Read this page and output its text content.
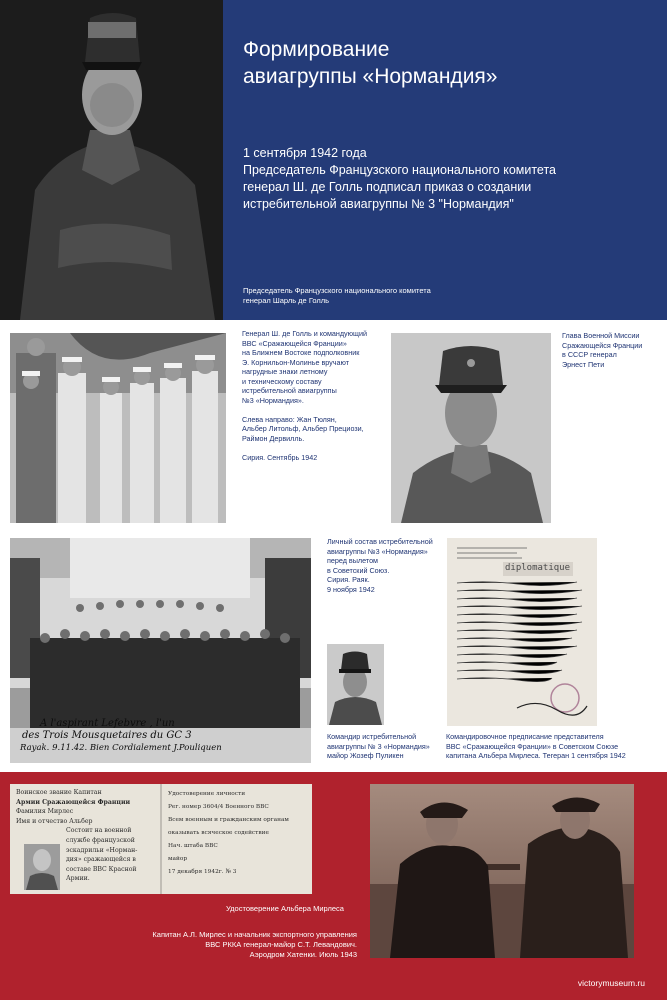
Формирование
авиагруппы «Нормандия»
1 сентября 1942 года
Председатель Французского национального комитета
генерал Ш. де Голль подписал приказ о создании
истребительной авиагруппы № 3 "Нормандия"
Председатель Французского национального комитета
генерал Шарль де Голль
Генерал Ш. де Голль и командующий
ВВС «Сражающейся Франции»
на Ближнем Востоке подполковник
Э. Корнильон-Молинье вручают
нагрудные знаки летному
и техническому составу
истребительной авиагруппы
№3 «Нормандия».
Слева направо: Жан Тюлян,
Альбер Литольф, Альбер Прециози,
Раймон Дервилль.
Сирия. Сентябрь 1942
Глава Военной Миссии
Сражающейся Франции
в СССР генерал
Эрнест Пети
A l'aspirant Lefebvre , l'un
des Trois Mousquetaires du GC 3
Rayak. 9.11.42. Bien Cordialement J.Pouliquen
Личный состав истребительной
авиагруппы №3 «Нормандия»
перед вылетом
в Советский Союз.
Сирия. Раяк.
9 ноября 1942
diplomatique
Командир истребительной
авиагруппы № 3 «Нормандия»
майор Жозеф Пуликен
Командировочное предписание представителя
ВВС «Сражающейся Франции» в Советском Союзе
капитана Альбера Мирлеса. Тегеран 1 сентября 1942
Воинское звание Капитан
Армии Сражающейся Франции
Фамилия Мирлес
Имя и отчество Альбер
Состоит на военной
службе французской
эскадрильи «Норман-
дия» сражающейся в
составе ВВС Красной
Армии.
Удостоверение личности
Рег. номер 3604/4 Военного ВВС
Всем военным и гражданским органам
оказывать всяческое содействие
Нач. штаба ВВС
майор
17 декабря 1942г. № 3
Удостоверение Альбера Мирлеса
Капитан А.Л. Мирлес и начальник экспортного управления
ВВС РККА генерал-майор С.Т. Левандович.
Аэродром Хатенки. Июль 1943
victorymuseum.ru
